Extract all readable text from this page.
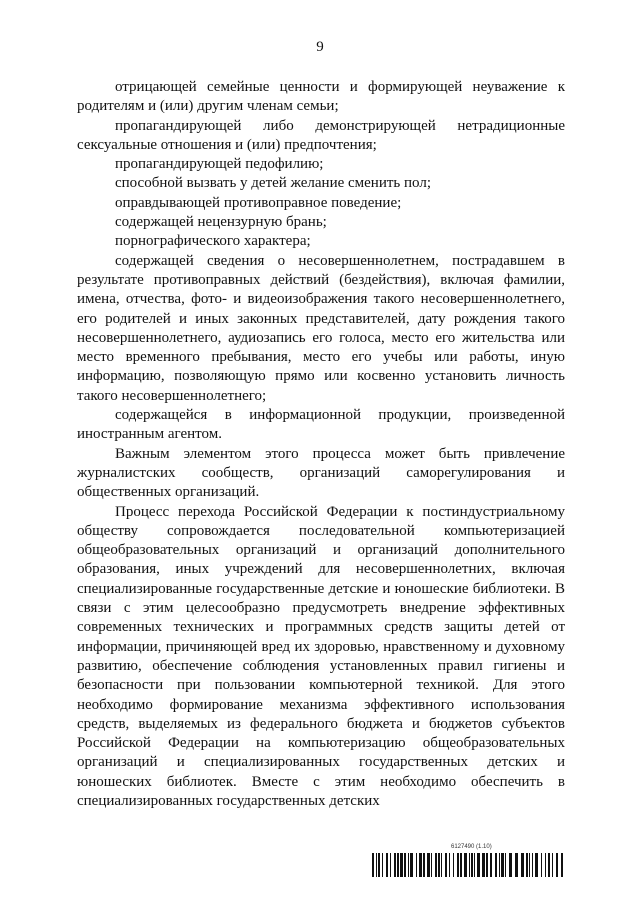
9

отрицающей семейные ценности и формирующей неуважение к родителям и (или) другим членам семьи;

пропагандирующей либо демонстрирующей нетрадиционные сексуальные отношения и (или) предпочтения;

пропагандирующей педофилию;

способной вызвать у детей желание сменить пол;

оправдывающей противоправное поведение;

содержащей нецензурную брань;

порнографического характера;

содержащей сведения о несовершеннолетнем, пострадавшем в результате противоправных действий (бездействия), включая фамилии, имена, отчества, фото- и видеоизображения такого несовершеннолетнего, его родителей и иных законных представителей, дату рождения такого несовершеннолетнего, аудиозапись его голоса, место его жительства или место временного пребывания, место его учебы или работы, иную информацию, позволяющую прямо или косвенно установить личность такого несовершеннолетнего;

содержащейся в информационной продукции, произведенной иностранным агентом.

Важным элементом этого процесса может быть привлечение журналистских сообществ, организаций саморегулирования и общественных организаций.

Процесс перехода Российской Федерации к постиндустриальному обществу сопровождается последовательной компьютеризацией общеобразовательных организаций и организаций дополнительного образования, иных учреждений для несовершеннолетних, включая специализированные государственные детские и юношеские библиотеки. В связи с этим целесообразно предусмотреть внедрение эффективных современных технических и программных средств защиты детей от информации, причиняющей вред их здоровью, нравственному и духовному развитию, обеспечение соблюдения установленных правил гигиены и безопасности при пользовании компьютерной техникой. Для этого необходимо формирование механизма эффективного использования средств, выделяемых из федерального бюджета и бюджетов субъектов Российской Федерации на компьютеризацию общеобразовательных организаций и специализированных государственных детских и юношеских библиотек. Вместе с этим необходимо обеспечить в специализированных государственных детских

6127490 (1.10)
